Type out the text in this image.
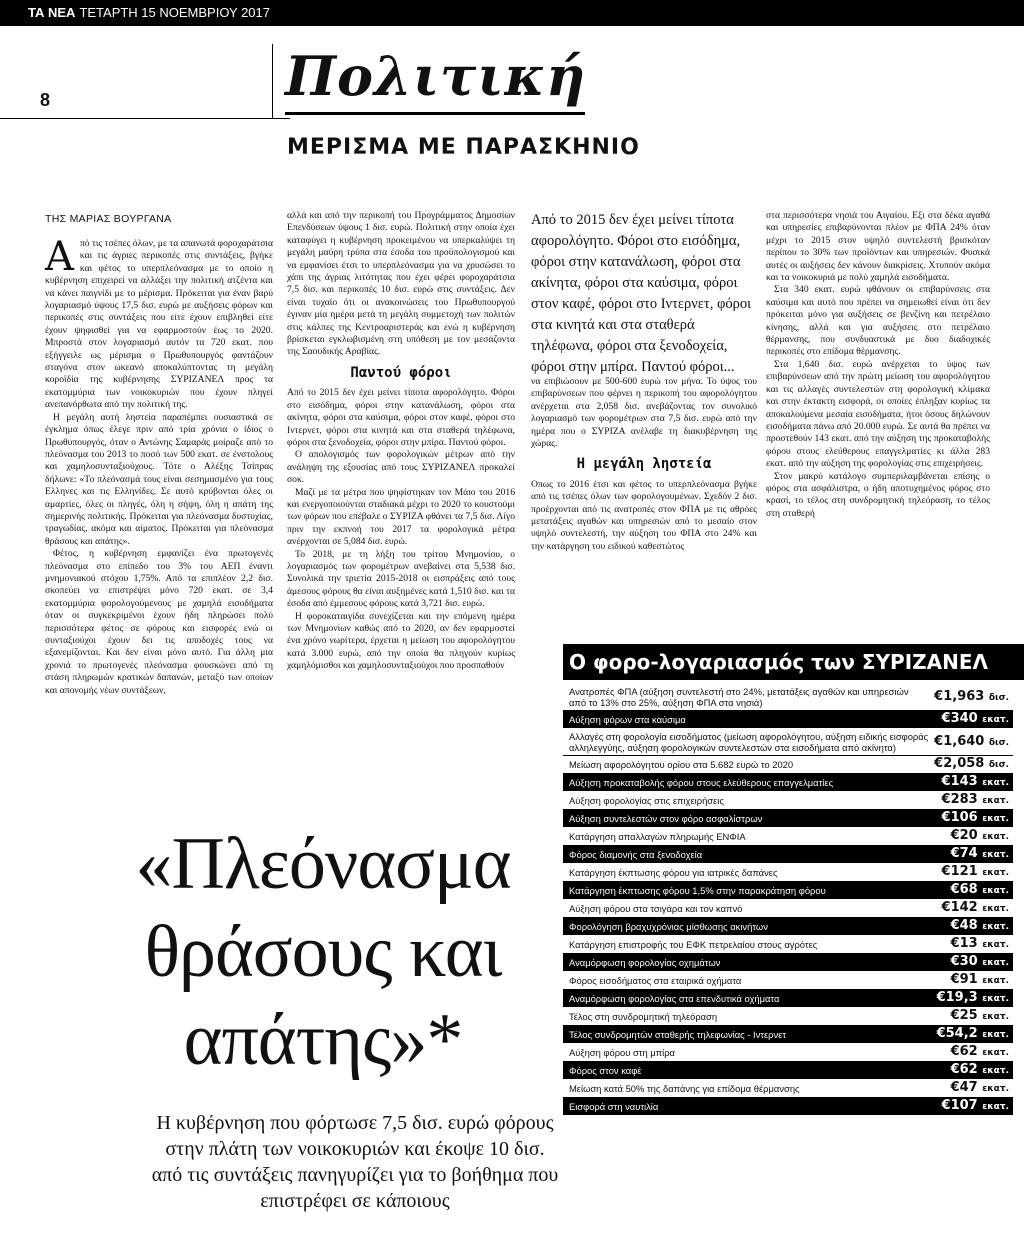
ΤΑ ΝΕΑ ΤΕΤΑΡΤΗ 15 ΝΟΕΜΒΡΙΟΥ 2017
8	Πολιτική
ΜΕΡΙΣΜΑ ΜΕ ΠΑΡΑΣΚΗΝΙΟ
ΤΗΣ ΜΑΡΙΑΣ ΒΟΥΡΓΑΝΑ

Από τις τσέπες όλων, με τα απανωτά φοροχαράτσια και τις άγριες περικοπές στις συντάξεις, βγήκε και φέτος το υπερπλεόνασμα με το οποίο η κυβέρνηση επιχειρεί να αλλάξει την πολιτική ατζέντα και να κάνει παιγνίδι με το μέρισμα. Πρόκειται για έναν βαρύ λογαριασμό ύψους 17,5 δισ. ευρώ με αυξήσεις φόρων και περικοπές στις συντάξεις που είτε έχουν επιβληθεί είτε έχουν ψηφισθεί για να εφαρμοστούν έως το 2020. Μπροστά στον λογαριασμό αυτόν τα 720 εκατ. που εξήγγειλε ως μέρισμα ο Πρωθυπουργός φαντάζουν σταγόνα στον ωκεανό αποκαλύπτοντας τη μεγάλη κοροϊδία της κυβέρνησης ΣΥΡΙΖΑΝΕΛ προς τα εκατομμύρια των νοικοκυριών που έχουν πληγεί ανεπανόρθωτα από την πολιτική της.

Η μεγάλη αυτή ληστεία παραπέμπει ουσιαστικά σε έγκλημα όπως έλεγε πριν από τρία χρόνια ο ίδιος ο Πρωθυπουργός, όταν ο Αντώνης Σαμαράς μοίραζε από το πλεόνασμα του 2013 το ποσό των 500 εκατ. σε ένστολους και χαμηλοσυνταξιούχους. Τότε ο Αλέξης Τσίπρας δήλωνε: «Το πλεόνασμά τους είναι σεσημασμένο για τους Ελληνες και τις Ελληνίδες. Σε αυτό κρύβονται όλες οι αμαρτίες, όλες οι πληγές, όλη η σήψη, όλη η απάτη της σημερινής πολιτικής. Πρόκειται για πλεόνασμα δυστυχίας, τραγωδίας, ακόμα και αίματος. Πρόκειται για πλεόνασμα θράσους και απάτης».

Φέτος, η κυβέρνηση εμφανίζει ένα πρωτογενές πλεόνασμα στο επίπεδο του 3% του ΑΕΠ έναντι μνημονιακού στόχου 1,75%. Από τα επιπλέον 2,2 δισ. σκοπεύει να επιστρέψει μόνο 720 εκατ. σε 3,4 εκατομμύρια φορολογούμενους με χαμηλά εισοδήματα όταν οι συγκεκριμένοι έχουν ήδη πληρώσει πολύ περισσότερα φέτος σε φόρους και εισφορές ενώ οι συνταξιούχοι έχουν δει τις αποδοχές τους να εξανεμίζονται. Και δεν είναι μόνο αυτό. Για άλλη μια χρονιά το πρωτογενές πλεόνασμα φουσκώνει από τη στάση πληρωμών κρατικών δαπανών, μεταξύ των οποίων και απονομής νέων συντάξεων,

αλλά και από την περικοπή του Προγράμματος Δημοσίων Επενδύσεων ύψους 1 δισ. ευρώ. Πολιτική στην οποία έχει καταφύγει η κυβέρνηση προκειμένου να υπερκαλύψει τη μεγάλη μαύρη τρύπα στα έσοδα του προϋπολογισμού και να εμφανίσει έτσι το υπερπλεόνασμα για να χρυσώσει το χάπι της άγριας λιτότητας που έχει φέρει φοροχαράτσια 7,5 δισ. και περικοπές 10 δισ. ευρώ στις συντάξεις. Δεν είναι τυχαίο ότι οι ανακοινώσεις του Πρωθυπουργού έγιναν μία ημέρα μετά τη μεγάλη συμμετοχή των πολιτών στις κάλπες της Κεντροαριστεράς και ενώ η κυβέρνηση βρίσκεται εγκλωβισμένη στη υπόθεση με τον μεσάζοντα της Σαουδικής Αραβίας.

Παντού φόροι

Από το 2015 δεν έχει μείνει τίποτα αφορολόγητο. Φόροι στο εισόδημα, φόροι στην κατανάλωση, φόροι στα ακίνητα, φόροι στα καύσιμα, φόροι στον καφέ, φόροι στο Ιντερνετ, φόροι στα κινητά και στα σταθερά τηλέφωνα, φόροι στα ξενοδοχεία, φόροι στην μπίρα. Παντού φόροι.

Ο απολογισμός των φορολογικών μέτρων από την ανάληψη της εξουσίας από τους ΣΥΡΙΖΑΝΕΛ προκαλεί σοκ.

Μαζί με τα μέτρα που ψηφίστηκαν τον Μάιο του 2016 και ενεργοποιούνται σταδιακά μέχρι το 2020 το κουστούμι των φόρων που επέβαλε ο ΣΥΡΙΖΑ φθάνει τα 7,5 δισ. Λίγο πριν την εκπνοή του 2017 τα φορολογικά μέτρα ανέρχονται σε 5,084 δισ. ευρώ.

Το 2018, με τη λήξη του τρίτου Μνημονίου, ο λογαριασμός των φορομέτρων ανεβαίνει στα 5,538 δισ. Συνολικά την τριετία 2015-2018 οι εισπράξεις από τους άμεσους φόρους θα είναι αυξημένες κατά 1,510 δισ. και τα έσοδα από έμμεσους φόρους κατά 3,721 δισ. ευρώ.

Η φοροκαταιγίδα συνεχίζεται και την επόμενη ημέρα των Μνημονίων καθώς από το 2020, αν δεν εφαρμοστεί ένα χρόνο νωρίτερα, έρχεται η μείωση του αφορολόγητου κατά 3.000 ευρώ, από την οποία θα πληγούν κυρίως χαμηλόμισθοι και χαμηλοσυνταξιούχοι που προσπαθούν

Από το 2015 δεν έχει μείνει τίποτα αφορολόγητο. Φόροι στο εισόδημα, φόροι στην κατανάλωση, φόροι στα ακίνητα, φόροι στα καύσιμα, φόροι στον καφέ, φόροι στο Ιντερνετ, φόροι στα κινητά και στα σταθερά τηλέφωνα, φόροι στα ξενοδοχεία, φόροι στην μπίρα. Παντού φόροι...

να επιβιώσουν με 500-600 ευρώ τον μήνα. Το ύψος του επιβαρύνσεων που φέρνει η περικοπή του αφορολόγητου ανέρχεται στα 2,058 δισ. ανεβάζοντας τον συνολικό λογαριασμό των φορομέτρων στα 7,5 δισ. ευρώ από την ημέρα που ο ΣΥΡΙΖΑ ανέλαβε τη διακυβέρνηση της χώρας.

Η μεγάλη ληστεία

Οπως το 2016 έτσι και φέτος το υπερπλεόνασμα βγήκε από τις τσέπες όλων των φορολογουμένων. Σχεδόν 2 δισ. προέρχονται από τις ανατροπές στον ΦΠΑ με τις αθρόες μετατάξεις αγαθών και υπηρεσιών από το μεσαίο στον υψηλό συντελεστή, την αύξηση του ΦΠΑ στο 24% και την κατάργηση του ειδικού καθεστώτος

στα περισσότερα νησιά του Αιγαίου. Εξι στα δέκα αγαθά και υπηρεσίες επιβαρύνονται πλέον με ΦΠΑ 24% όταν μέχρι το 2015 στον υψηλό συντελεστή βρισκόταν περίπου το 30% των προϊόντων και υπηρεσιών. Φυσικά αυτές οι αυξήσεις δεν κάνουν διακρίσεις. Χτυπούν ακόμα και τα νοικοκυριά με πολύ χαμηλά εισοδήματα.

Στα 340 εκατ. ευρώ φθάνουν οι επιβαρύνσεις στα καύσιμα και αυτό που πρέπει να σημειωθεί είναι ότι δεν πρόκειται μόνο για αυξήσεις σε βενζίνη και πετρέλαιο κίνησης, αλλά και για αυξήσεις στο πετρέλαιο θέρμανσης, που συνδυαστικά με δυο διαδοχικές περικοπές στο επίδομα θέρμανσης.

Στα 1,640 δισ. ευρώ ανέρχεται το ύψος των επιβαρύνσεων από την πρώτη μείωση του αφορολόγητου και τις αλλαγές συντελεστών στη φορολογική κλίμακα και στην έκτακτη εισφορά, οι οποίες έπληξαν κυρίως τα αποκαλούμενα μεσαία εισοδήματα, ήτοι όσους δηλώνουν εισοδήματα πάνω από 20.000 ευρώ. Σε αυτά θα πρέπει να προστεθούν 143 εκατ. από την αύξηση της προκαταβολής φόρου στους ελεύθερους επαγγελματίες κι άλλα 283 εκατ. από την αύξηση της φορολογίας στις επιχειρήσεις.

Στον μακρύ κατάλογο συμπεριλαμβάνεται επίσης ο φόρος στα ασφάλιστρα, ο ήδη αποτυχημένος φόρος στο κρασί, το τέλος στη συνδρομητική τηλεόραση, το τέλος στη σταθερή

«Πλεόνασμα θράσους και απάτης»*
Η κυβέρνηση που φόρτωσε 7,5 δισ. ευρώ φόρους στην πλάτη των νοικοκυριών και έκοψε 10 δισ. από τις συντάξεις πανηγυρίζει για το βοήθημα που επιστρέφει σε κάποιους
Ο φορο-λογαριασμός των ΣΥΡΙΖΑΝΕΛ
Ανατροπές ΦΠΑ (αύξηση συντελεστή στο 24%, μετατάξεις αγαθών και υπηρεσιών από το 13% στο 25%, αύξηση ΦΠΑ στα νησιά)	€1,963 δισ.
Αύξηση φόρων στα καύσιμα	€340 εκατ.
Αλλαγές στη φορολογία εισοδήματος (μείωση αφορολόγητου, αύξηση ειδικής εισφοράς αλληλεγγύης, αύξηση φορολογικών συντελεστών στα εισοδήματα από ακίνητα)	€1,640 δισ.
Μείωση αφορολόγητου ορίου στα 5.682 ευρώ το 2020	€2,058 δισ.
Αύξηση προκαταβολής φόρου στους ελεύθερους επαγγελματίες	€143 εκατ.
Αύξηση φορολογίας στις επιχειρήσεις	€283 εκατ.
Αύξηση συντελεστών στον φόρο ασφαλίστρων	€106 εκατ.
Κατάργηση απαλλαγών πληρωμής ΕΝΦΙΑ	€20 εκατ.
Φόρος διαμονής στα ξενοδοχεία	€74 εκατ.
Κατάργηση έκπτωσης φόρου για ιατρικές δαπάνες	€121 εκατ.
Κατάργηση έκπτωσης φόρου 1,5% στην παρακράτηση φόρου	€68 εκατ.
Αύξηση φόρου στα τσιγάρα και τον καπνό	€142 εκατ.
Φορολόγηση βραχυχρόνιας μίσθωσης ακινήτων	€48 εκατ.
Κατάργηση επιστροφής του ΕΦΚ πετρελαίου στους αγρότες	€13 εκατ.
Αναμόρφωση φορολογίας οχημάτων	€30 εκατ.
Φόρος εισοδήματος στα εταιρικά οχήματα	€91 εκατ.
Αναμόρφωση φορολογίας στα επενδυτικά οχήματα	€19,3 εκατ.
Τέλος στη συνδρομητική τηλεόραση	€25 εκατ.
Τέλος συνδρομητών σταθερής τηλεφωνίας - Ιντερνετ	€54,2 εκατ.
Αύξηση φόρου στη μπίρα	€62 εκατ.
Φόρος στον καφέ	€62 εκατ.
Μείωση κατά 50% της δαπάνης για επίδομα θέρμανσης	€47 εκατ.
Εισφορά στη ναυτιλία	€107 εκατ.
